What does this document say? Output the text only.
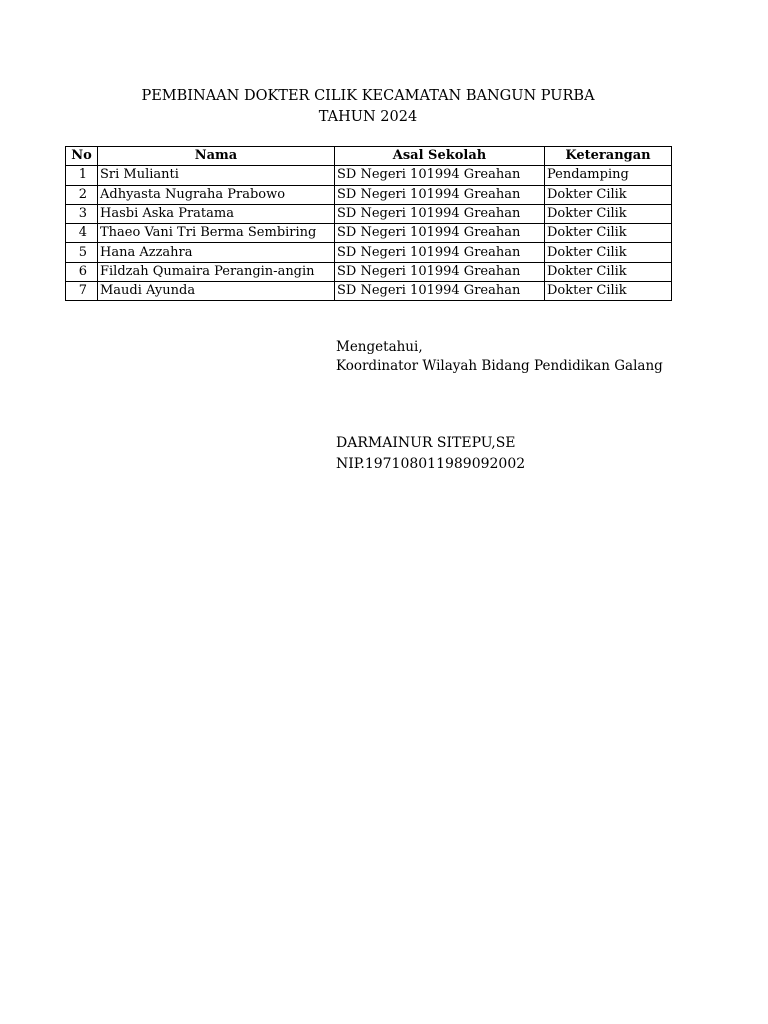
PEMBINAAN DOKTER CILIK KECAMATAN BANGUN PURBA
TAHUN 2024
No	Nama	Asal Sekolah	Keterangan
1	Sri Mulianti	SD Negeri 101994 Greahan	Pendamping
2	Adhyasta Nugraha Prabowo	SD Negeri 101994 Greahan	Dokter Cilik
3	Hasbi Aska Pratama	SD Negeri 101994 Greahan	Dokter Cilik
4	Thaeo Vani Tri Berma Sembiring	SD Negeri 101994 Greahan	Dokter Cilik
5	Hana Azzahra	SD Negeri 101994 Greahan	Dokter Cilik
6	Fildzah Qumaira Perangin-angin	SD Negeri 101994 Greahan	Dokter Cilik
7	Maudi Ayunda	SD Negeri 101994 Greahan	Dokter Cilik
Mengetahui,
Koordinator Wilayah Bidang Pendidikan Galang
DARMAINUR SITEPU,SE
NIP.197108011989092002
